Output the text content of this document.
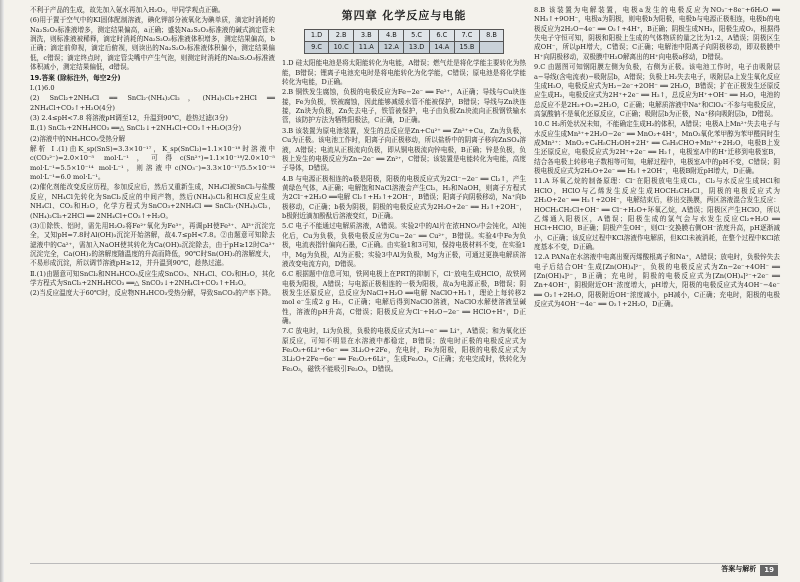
不利于产品的生成，故先加入氨水再加入H₂O₂，甲同学观点正确。

(6)用于置于空气中的KI固体配制溶液，碘化钾部分被氧化为碘单质，滴定时消耗的Na₂S₂O₃标准液增多，测定结果偏高，a正确；盛装Na₂S₂O₃标准液的碱式滴定管未润洗，则标准液被稀释，滴定时消耗的Na₂S₂O₃标准液体积增多，测定结果偏高，b正确；滴定前仰视，滴定后俯视，则读出的Na₂S₂O₃标准液体积偏小，测定结果偏低，c错误；滴定终点时，滴定管尖嘴中产生气泡，则测定时消耗的Na₂S₂O₃标准液体积减小，测定结果偏低，d错误。

19.答案 (除标注外，每空2分)

Ⅰ.(1)6.0

(2) SnCl₂+2NH₄Cl ══ SnCl₂·(NH₄)₂Cl₂，(NH₄)₂Cl₂+2HCl ══ 2NH₄Cl+CO₂↑+H₂O(4分)

(3) 2.4≤pH<7.8 将溶液pH调至12，升温到90℃，趁热过滤(3分)

Ⅱ.(1) SnCl₂+2NH₄HCO₃ ══△ SnCl₂↓+2NH₄Cl+CO₂↑+H₂O(3分)

(2)溶液中的NH₄HCO₃受热分解

解析 Ⅰ.(1)由K_sp(SnS)=3.3×10⁻¹⁷，K_sp(SnCl₂)=1.1×10⁻¹⁸时溶液中c(CO₃²⁻)=2.0×10⁻⁵ mol·L⁻¹，可得c(Sn²⁺)=1.1×10⁻¹⁸/2.0×10⁻⁵ mol·L⁻¹=5.5×10⁻¹⁴ mol·L⁻¹，则溶液中c(NO₃⁻)=3.3×10⁻¹⁷/5.5×10⁻¹⁴ mol·L⁻¹=6.0 mol·L⁻¹。

(2)催化剂能改变反应历程，参加反应后，然后又重新生成，NH₄Cl被SnCl₂与盐酸反应，NH₄Cl先转化为SnCl₂反应的中间产物，然后(NH₄)₂Cl₂和HCl反应生成NH₄Cl、CO₂和H₂O，化学方程式为SnCO₃+2NH₄Cl ══ SnCl₂·(NH₄)₂Cl₂，(NH₄)₂Cl₂+2HCl ══ 2NH₄Cl+CO₂↑+H₂O。

(3)①除铁、铝时，需先用H₂O₂将Fe²⁺氧化为Fe³⁺，再调pH使Fe³⁺、Al³⁺沉淀完全，又知pH=7.8时Al(OH)₃沉淀开始溶解，故4.7≤pH<7.8。②由题意可知除去滤液中的Ca²⁺，需加入NaOH使其转化为Ca(OH)₂沉淀除去，由于pH≥12时Ca²⁺沉淀完全，Ca(OH)₂的溶解度随温度的升高而降低，90℃时Sn(OH)₂的溶解度大，不易形成沉淀，所以调节溶液pH≥12，并升温到90℃，趁热过滤。

Ⅱ.(1)由题意可知SnCl₂和NH₄HCO₃反应生成SnCO₃、NH₄Cl、CO₂和H₂O，其化学方程式为SnCl₂+2NH₄HCO₃ ══△ SnCO₃↓+2NH₄Cl+CO₂↑+H₂O。

(2)当反应温度大于60℃时，反应物NH₄HCO₃受热分解，导致SnCO₃的产率下降。

第四章 化学反应与电能
1.D	2.B	3.B	4.B	5.C	6.C	7.C	8.B
9.C	10.C	11.A	12.A	13.D	14.A	15.B	

1.D 硅太阳能电池是将太阳能转化为电能，A错误；燃气灶是将化学能主要转化为热能，B错误；锂离子电池充电时是将电能转化为化学能，C错误；原电池是将化学能转化为电能，D正确。

2.B 铜铁发生腐蚀，负极的电极反应为Fe−2e⁻ ══ Fe²⁺，A正确；导线与Cu块连接，Fe为负极，铁被腐蚀，因此能够减缓水管不能被保护，B错误；导线与Zn块连接，Zn块为负极，Zn失去电子，铁管被保护，电子由负极Zn块流向正极钢铁输水管，该防护方法为牺牲阳极法，C正确，D正确。

3.B 该装置为原电池装置，发生的总反应是Zn+Cu²⁺ ══ Zn²⁺+Cu，Zn为负极，Cu为正极。该电池工作时，阳离子向正极移动，所以盐桥中的阴离子移向ZnSO₄溶液，A错误；电流从正极流向负极，即从铜电极流向锌电极，B正确；锌是负极，负极上发生的电极反应为Zn−2e⁻ ══ Zn²⁺，C错误；该装置是电能转化为电能，高度子导体，D错误。

4.B 与电源正极相连的a极是阳极，阳极的电极反应式为2Cl⁻−2e⁻ ══ Cl₂↑，产生黄绿色气体，A正确；电解饱和NaCl溶液会产生Cl₂，H₂和NaOH，则离子方程式为2Cl⁻+2H₂O ══电解 Cl₂↑+H₂↑+2OH⁻，B错误；阳离子向阴极移动，Na⁺向b极移动，C正确；b极为阴极，阴极的电极反应式为2H₂O+2e⁻ ══ H₂↑+2OH⁻，b极附近滴加酚酞后溶液变红，D正确。

5.C 电子不能通过电解质溶液，A错误。实验2中的Al片在浓HNO₃中会钝化，Al钝化后，Cu为负极，负极电极反应为Cu−2e⁻ ══ Cu²⁺，B错误。实验4中Fe为负极，电流表指针偏向石墨，C正确。由实验1和3可知，保持电极材料不变，在实验1中，Mg为负极，Al为正极；实验3中Al为负极，Mg为正极，可通过更换电解质溶液改变电流方向，D错误。

6.C 根据题中信息可知，铁网电极上在PRT的抑制下，Cl⁻放电生成HClO，故铁网电极为阳极，A错误；与电源正极相连的一极为阳极，故a为电源正极，B错误；阴极发生还原反应，总反应为NaCl+H₂O ══电解 NaClO+H₂↑，理论上每转移2 mol e⁻生成2 g H₂，C正确；电解后得到NaClO溶液，NaClO水解使溶液呈碱性，溶液的pH升高，C错误；阳极反应为Cl⁻+H₂O−2e⁻ ══ HClO+H⁺，D正确。

7.C 放电时，Li为负极，负极的电极反应式为Li−e⁻ ══ Li⁺，A错误；和为氧化还原反应，可知不明显在水溶液中都稳定，B错误；放电时正极的电极反应式为Fe₂O₃+6Li⁺+6e⁻ ══ 3Li₂O+2Fe，充电时，Fe为阳极，阳极的电极反应式为3Li₂O+2Fe−6e⁻ ══ Fe₂O₃+6Li⁺，生成Fe₂O₃，C正确；充电完成时，铁转化为Fe₂O₃，磁铁不能吸引Fe₂O₃，D错误。

8.B 该装置为电解装置，电极a发生的电极反应为NO₃⁻+8e⁻+6H₂O ══ NH₃↑+9OH⁻，电极a为阴极，则电极b为阳极，电极b与电源正极相连，电极b的电极反应为2H₂O−4e⁻ ══ O₂↑+4H⁺，B正确；阴极生成NH₃，阳极生成O₂，根据得失电子守恒可知，阴极和阳极上生成的气体物质的量之比为1:2，A错误；阴极区生成OH⁻，所以pH增大，C错误；C正确；电解池中阳离子向阴极移动，即双极膜中H⁺向阴极移动，双极膜中H₂O解离出的H⁺向电极a移动，D错误。

9.C 由题图可知钢阳膜左侧为负极，右侧为正极。该电池工作时，电子由吸附层a−导线(含电流表)−吸附层b，A错误；负极上H₂失去电子，吸附层a上发生氧化反应生成H₂O，电极反应式为H₂−2e⁻+2OH⁻ ══ 2H₂O，B错误；扩在正极发生还原反应生成H₂，电极反应式为2H⁺+2e⁻ ══ H₂↑，总反应为H⁺+OH⁻ ══ H₂O，电池的总反应不是2H₂+O₂=2H₂O，C正确；电解质溶液中Na⁺和ClO₄⁻不参与电极反应，高氯酸钠不是氧化还原反应，C正确；吸附层b为正极，Na⁺移向吸附层b，D错误。

10.C H₂所处状况未知，不能确定生成H₂的体积，A错误；电极A上Mn²⁺失去电子与水反应生成Mn³⁺+2H₂O−2e⁻ ══ MnO₂+4H⁺，MnO₂氧化苯甲醇为苯甲醛同时生成Mn²⁺：MnO₂+C₆H₅CH₂OH+2H⁺ ══ C₆H₅CHO+Mn²⁺+2H₂O，电极B上发生还原反应，电极反应式为2H⁺+2e⁻ ══ H₂↑，电极室A中的H⁺迁移到电极室B，结合各电极上转移电子数相等可知，电解过程中，电极室A中的pH不变，C错误；阴极电极反应式为2H₂O+2e⁻ ══ H₂↑+2OH⁻，电极B附近pH增大，D正确。

11.A 环氧乙烷的制备原理：Cl⁻在阳极放电生成Cl₂，Cl₂与水反应生成HCl和HClO，HClO与乙烯发生反应生成HOCH₂CH₂Cl，阴极的电极反应式为2H₂O+2e⁻ ══ H₂↑+2OH⁻，电解结束后，移出交换膜，两区溶液混合发生反应：HOCH₂CH₂Cl+OH⁻ ══ Cl⁻+H₂O+环氧乙烷，A错误；阳极区产生HClO，所以乙烯通入阳极区，A错误；阳极生成的氯气会与水发生反应Cl₂+H₂O ══ HCl+HClO，B正确；阴极产生OH⁻，则Cl⁻交换膜右侧OH⁻浓度升高，pH逐渐减小，C正确；该反应过程中KCl溶液作电解质，但KCl未被消耗，在整个过程中KCl浓度基本不变，D正确。

12.A PANa在水溶液中电离出聚丙烯酸根离子和Na⁺，A错误；放电时，负极锌失去电子后结合OH⁻生成[Zn(OH)₄]²⁻，负极的电极反应式为Zn−2e⁻+4OH⁻ ══ [Zn(OH)₄]²⁻，B正确；充电时，阴极的电极反应式为[Zn(OH)₄]²⁻+2e⁻ ══ Zn+4OH⁻，阴极附近OH⁻浓度增大，pH增大，阳极的电极反应式为4OH⁻−4e⁻ ══ O₂↑+2H₂O，阳极附近OH⁻浓度减小，pH减小，C正确；充电时，阳极的电极反应式为4OH⁻−4e⁻ ══ O₂↑+2H₂O，D正确。

答案与解析	19
